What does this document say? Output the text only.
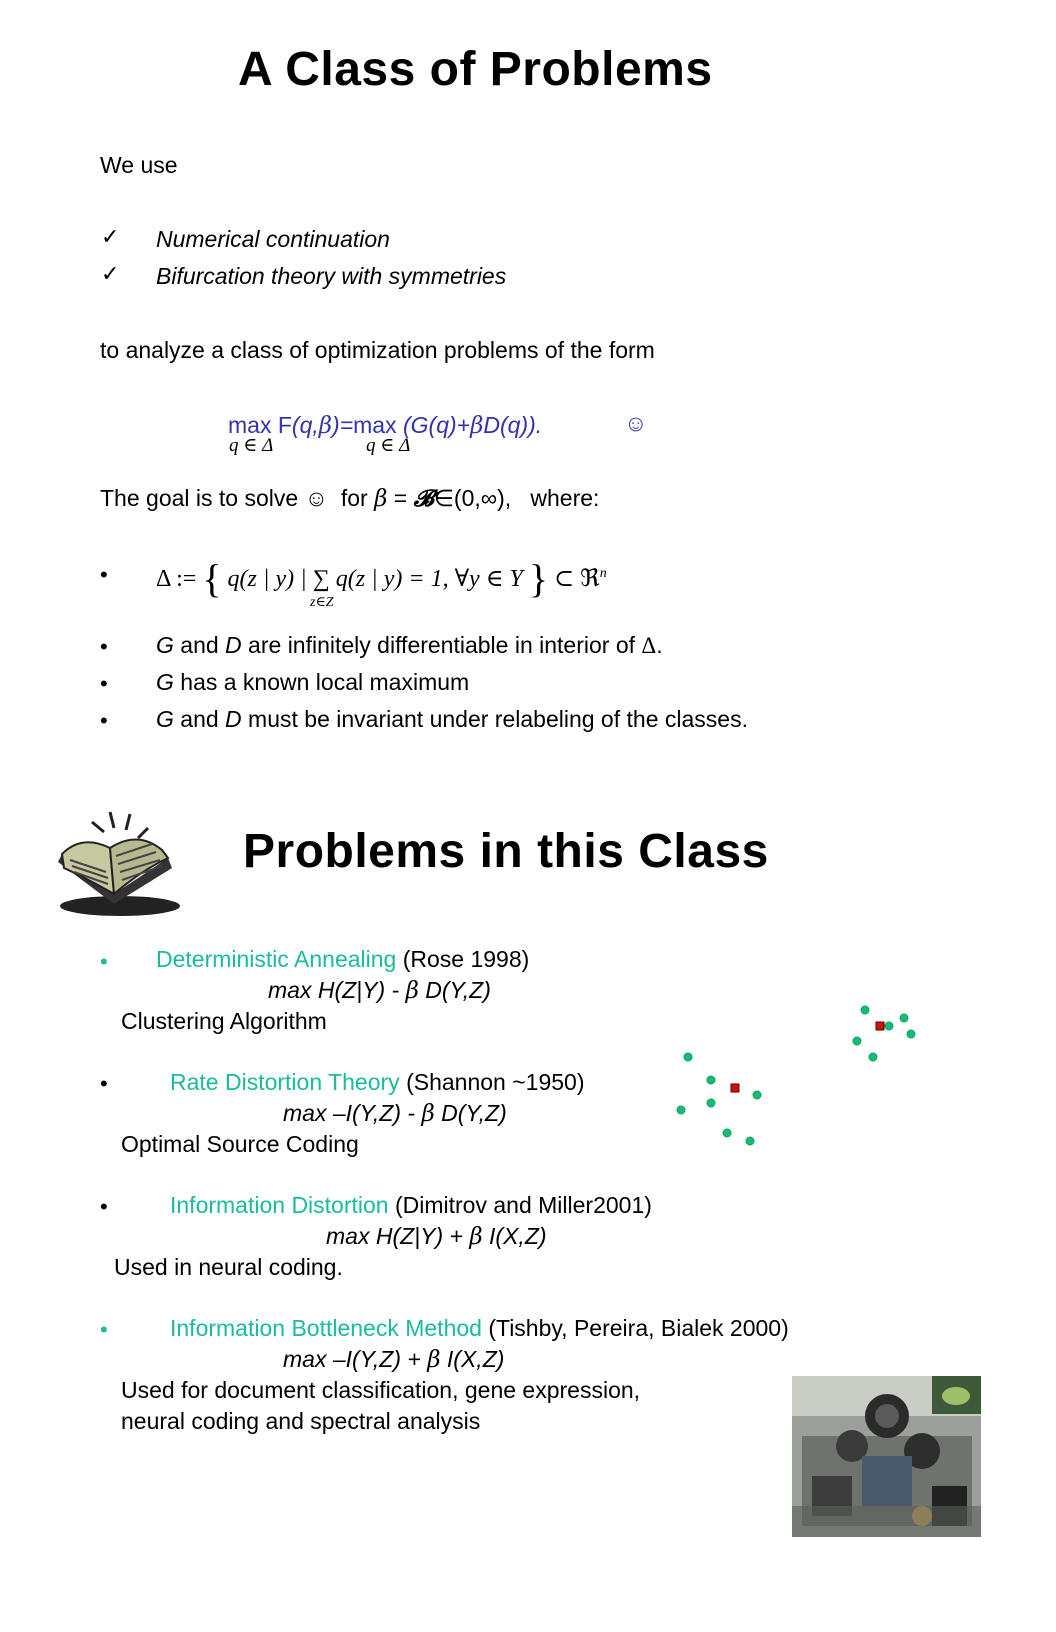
A Class of Problems
We use
✓ Numerical continuation
✓ Bifurcation theory with symmetries
to analyze a class of optimization problems of the form
max F(q,β)=max (G(q)+βD(q)).	☺
q ∈ Δ	q ∈ Δ
The goal is to solve ☺ for β = 𝓑∈(0,∞), where:
• Δ := { q(z | y) | ∑ q(z | y) = 1, ∀y ∈ Y } ⊂ ℜ$^n$
z∈Z
• G and D are infinitely differentiable in interior of Δ.
• G has a known local maximum
• G and D must be invariant under relabeling of the classes.
Problems in this Class
• Deterministic Annealing (Rose 1998)
max H(Z|Y) - β D(Y,Z)
Clustering Algorithm
•	Rate Distortion Theory (Shannon ~1950)
max –I(Y,Z) - β D(Y,Z)
Optimal Source Coding
•	Information Distortion (Dimitrov and Miller2001)
max H(Z|Y) + β I(X,Z)
Used in neural coding.
•	Information Bottleneck Method (Tishby, Pereira, Bialek 2000)
max –I(Y,Z) + β I(X,Z)
Used for document classification, gene expression,
neural coding and spectral analysis
